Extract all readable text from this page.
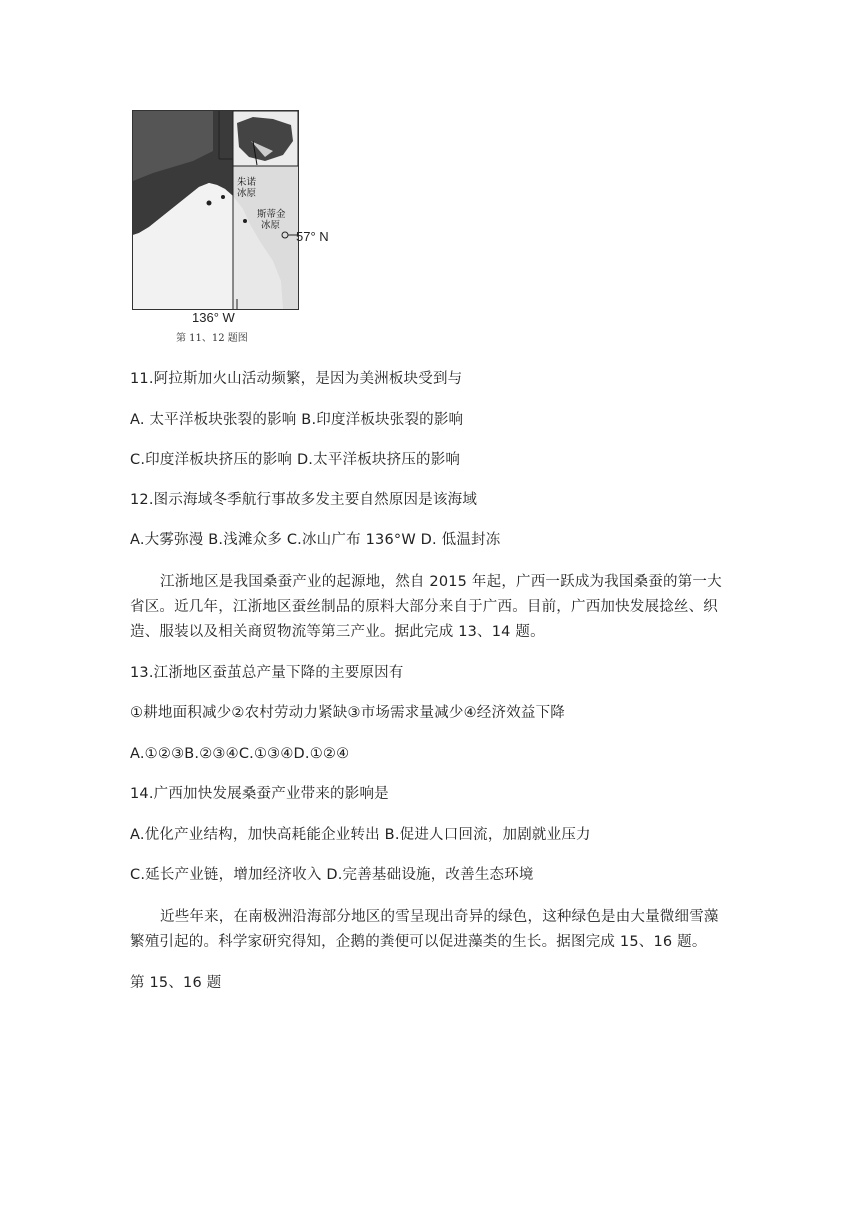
朱诺
冰原
斯蒂金
冰原
57° N
136° W
第 11、12 题图
11.阿拉斯加火山活动频繁，是因为美洲板块受到与
A. 太平洋板块张裂的影响 B.印度洋板块张裂的影响
C.印度洋板块挤压的影响 D.太平洋板块挤压的影响
12.图示海域冬季航行事故多发主要自然原因是该海域
A.大雾弥漫 B.浅滩众多 C.冰山广布 136°W D. 低温封冻
江浙地区是我国桑蚕产业的起源地，然自 2015 年起，广西一跃成为我国桑蚕的第一大
省区。近几年，江浙地区蚕丝制品的原料大部分来自于广西。目前，广西加快发展捻丝、织
造、服装以及相关商贸物流等第三产业。据此完成 13、14 题。
13.江浙地区蚕茧总产量下降的主要原因有
①耕地面积减少②农村劳动力紧缺③市场需求量减少④经济效益下降
A.①②③B.②③④C.①③④D.①②④
14.广西加快发展桑蚕产业带来的影响是
A.优化产业结构，加快高耗能企业转出 B.促进人口回流，加剧就业压力
C.延长产业链，增加经济收入 D.完善基础设施，改善生态环境
近些年来，在南极洲沿海部分地区的雪呈现出奇异的绿色，这种绿色是由大量微细雪藻
繁殖引起的。科学家研究得知，企鹅的粪便可以促进藻类的生长。据图完成 15、16 题。
第 15、16 题
